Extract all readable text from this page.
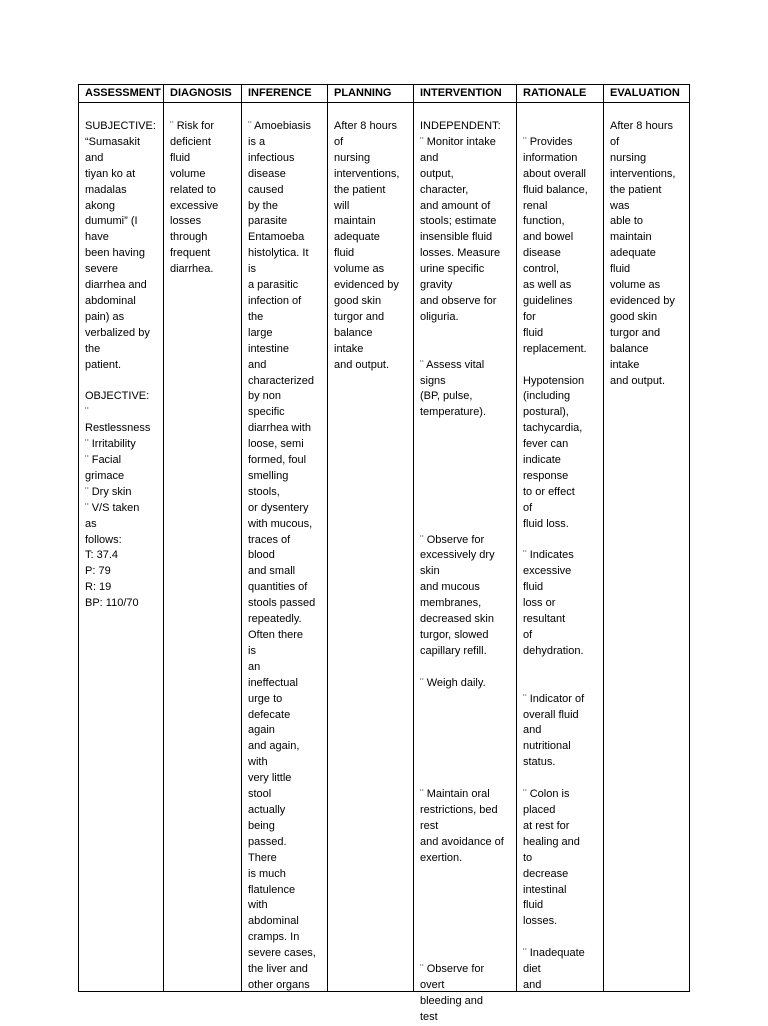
ASSESSMENT
SUBJECTIVE:
“Sumasakit
and
tiyan ko at
madalas
akong
dumumi” (I
have
been having
severe
diarrhea and
abdominal
pain) as
verbalized by
the
patient.

OBJECTIVE:
¨
Restlessness
¨ Irritability
¨ Facial
grimace
¨ Dry skin
¨ V/S taken
as
follows:
T: 37.4
P: 79
R: 19
BP: 110/70
DIAGNOSIS
¨ Risk for
deficient
fluid
volume
related to
excessive
losses
through
frequent
diarrhea.
INFERENCE
¨ Amoebiasis
is a
infectious
disease
caused
by the
parasite
Entamoeba
histolytica. It
is
a parasitic
infection of
the
large
intestine
and
characterized
by non
specific
diarrhea with
loose, semi
formed, foul
smelling
stools,
or dysentery
with mucous,
traces of
blood
and small
quantities of
stools passed
repeatedly.
Often there
is
an
ineffectual
urge to
defecate
again
and again,
with
very little
stool
actually
being
passed.
There
is much
flatulence
with
abdominal
cramps. In
severe cases,
the liver and
other organs
PLANNING
After 8 hours
of
nursing
interventions,
the patient
will
maintain
adequate
fluid
volume as
evidenced by
good skin
turgor and
balance
intake
and output.
INTERVENTION
INDEPENDENT:
¨ Monitor intake
and
output,
character,
and amount of
stools; estimate
insensible fluid
losses. Measure
urine specific
gravity
and observe for
oliguria.

¨ Assess vital
signs
(BP, pulse,
temperature).

¨ Observe for
excessively dry
skin
and mucous
membranes,
decreased skin
turgor, slowed
capillary refill.

¨ Weigh daily.

¨ Maintain oral
restrictions, bed
rest
and avoidance of
exertion.

¨ Observe for
overt
bleeding and
test
RATIONALE

¨ Provides
information
about overall
fluid balance,
renal
function,
and bowel
disease
control,
as well as
guidelines
for
fluid
replacement.

Hypotension
(including
postural),
tachycardia,
fever can
indicate
response
to or effect
of
fluid loss.

¨ Indicates
excessive
fluid
loss or
resultant
of
dehydration.

¨ Indicator of
overall fluid
and
nutritional
status.

¨ Colon is
placed
at rest for
healing and
to
decrease
intestinal
fluid
losses.

¨ Inadequate
diet
and
EVALUATION
After 8 hours
of
nursing
interventions,
the patient
was
able to
maintain
adequate
fluid
volume as
evidenced by
good skin
turgor and
balance
intake
and output.
